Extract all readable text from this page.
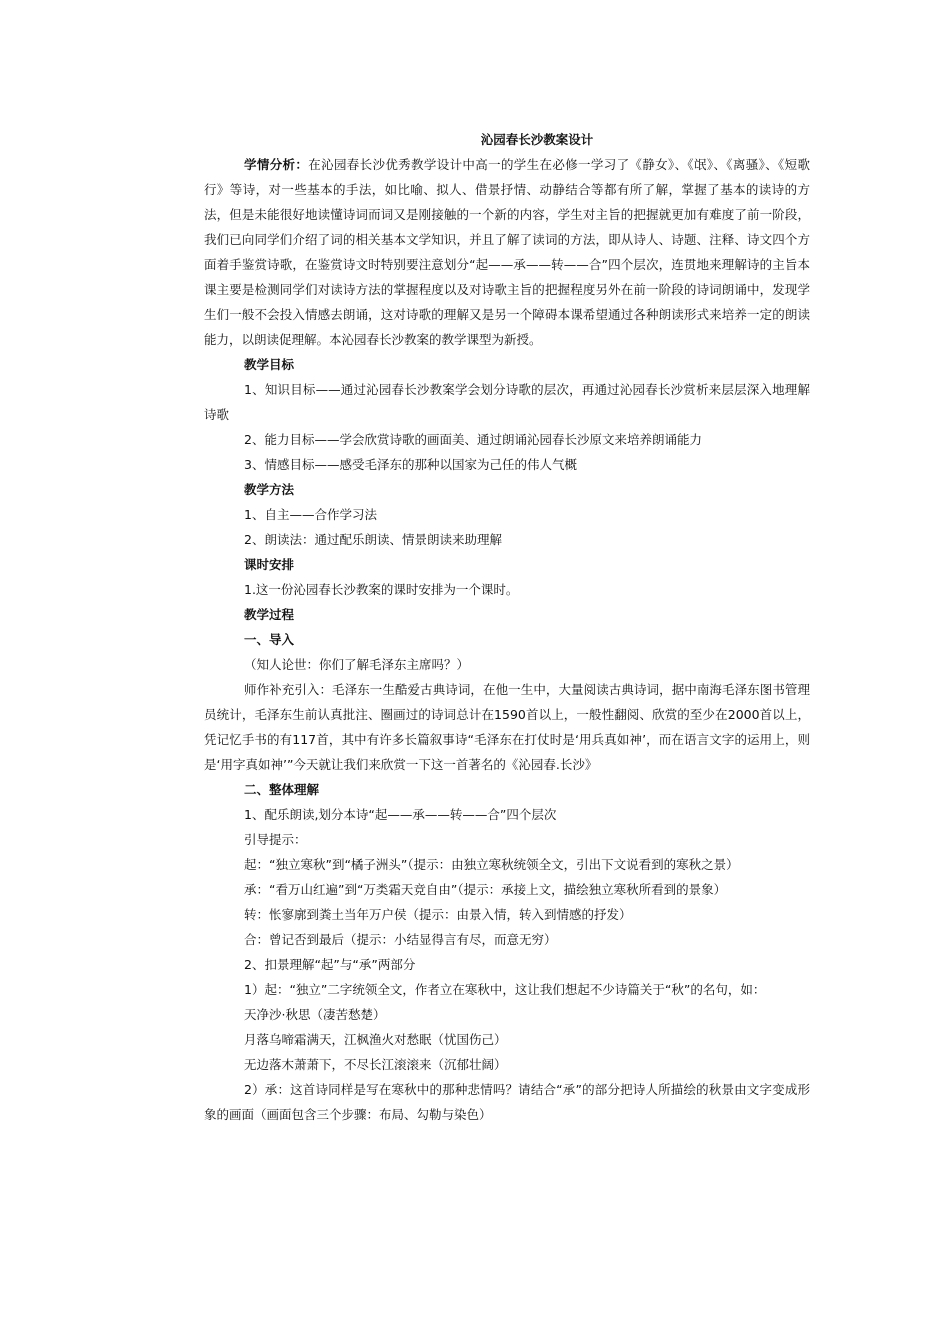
沁园春长沙教案设计

学情分析：在沁园春长沙优秀教学设计中高一的学生在必修一学习了《静女》、《氓》、《离骚》、《短歌行》等诗，对一些基本的手法，如比喻、拟人、借景抒情、动静结合等都有所了解，掌握了基本的读诗的方法，但是未能很好地读懂诗词而词又是刚接触的一个新的内容，学生对主旨的把握就更加有难度了前一阶段，我们已向同学们介绍了词的相关基本文学知识，并且了解了读词的方法，即从诗人、诗题、注释、诗文四个方面着手鉴赏诗歌，在鉴赏诗文时特别要注意划分“起——承——转——合”四个层次，连贯地来理解诗的主旨本课主要是检测同学们对读诗方法的掌握程度以及对诗歌主旨的把握程度另外在前一阶段的诗词朗诵中，发现学生们一般不会投入情感去朗诵，这对诗歌的理解又是另一个障碍本课希望通过各种朗读形式来培养一定的朗读能力，以朗读促理解。本沁园春长沙教案的教学课型为新授。

教学目标

1、知识目标——通过沁园春长沙教案学会划分诗歌的层次，再通过沁园春长沙赏析来层层深入地理解诗歌

2、能力目标——学会欣赏诗歌的画面美、通过朗诵沁园春长沙原文来培养朗诵能力

3、情感目标——感受毛泽东的那种以国家为己任的伟人气概

教学方法

1、自主——合作学习法

2、朗读法：通过配乐朗读、情景朗读来助理解

课时安排

1.这一份沁园春长沙教案的课时安排为一个课时。

教学过程

一、导入

（知人论世：你们了解毛泽东主席吗？）

师作补充引入：毛泽东一生酷爱古典诗词，在他一生中，大量阅读古典诗词，据中南海毛泽东图书管理员统计，毛泽东生前认真批注、圈画过的诗词总计在1590首以上，一般性翻阅、欣赏的至少在2000首以上，凭记忆手书的有117首，其中有许多长篇叙事诗“毛泽东在打仗时是‘用兵真如神’，而在语言文字的运用上，则是‘用字真如神’”今天就让我们来欣赏一下这一首著名的《沁园春.长沙》

二、整体理解

1、配乐朗读,划分本诗“起——承——转——合”四个层次

引导提示：

起：“独立寒秋”到“橘子洲头”（提示：由独立寒秋统领全文，引出下文说看到的寒秋之景）

承：“看万山红遍”到“万类霜天竞自由”（提示：承接上文，描绘独立寒秋所看到的景象）

转：怅寥廓到粪土当年万户侯（提示：由景入情，转入到情感的抒发）

合：曾记否到最后（提示：小结显得言有尽，而意无穷）

2、扣景理解“起”与“承”两部分

1）起：“独立”二字统领全文，作者立在寒秋中，这让我们想起不少诗篇关于“秋”的名句，如：

天净沙·秋思（凄苦愁楚）

月落乌啼霜满天，江枫渔火对愁眠（忧国伤己）

无边落木萧萧下，不尽长江滚滚来（沉郁壮阔）

2）承：这首诗同样是写在寒秋中的那种悲情吗？请结合“承”的部分把诗人所描绘的秋景由文字变成形象的画面（画面包含三个步骤：布局、勾勒与染色）
